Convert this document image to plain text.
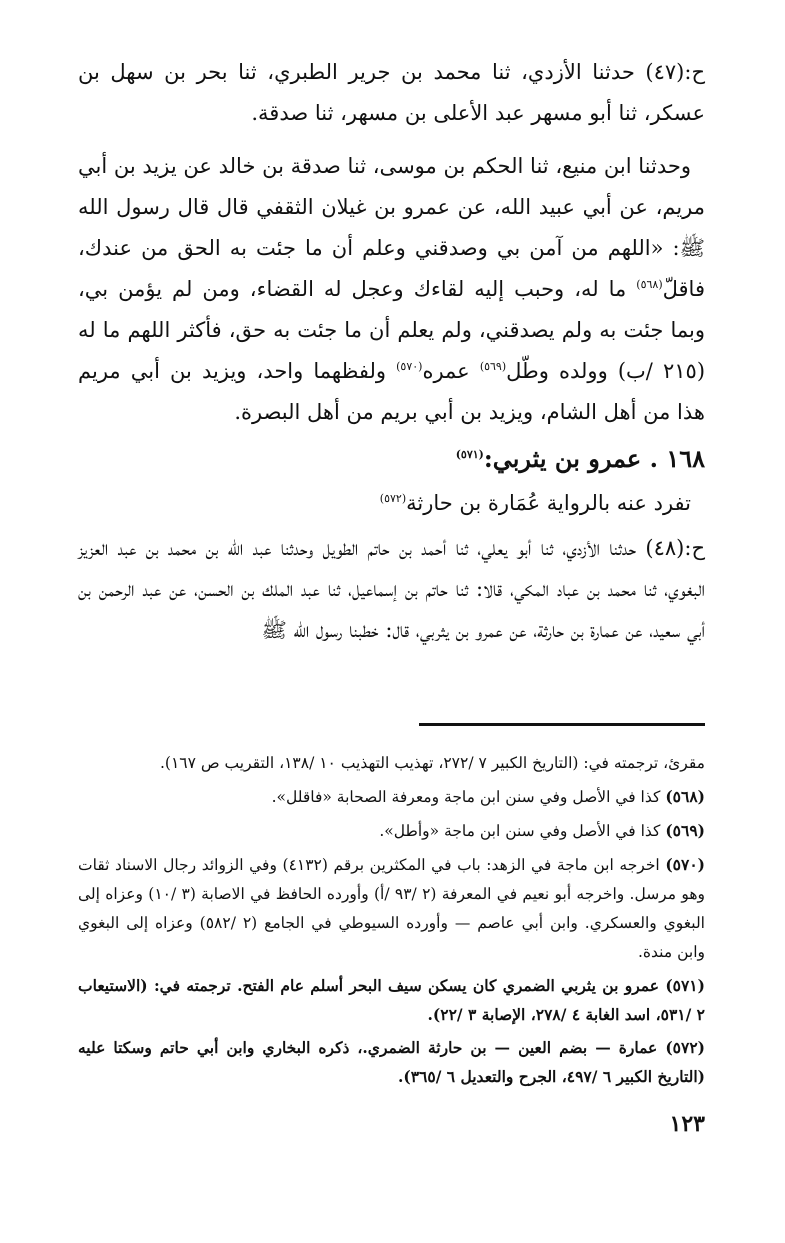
ح:(٤٧) حدثنا الأزدي، ثنا محمد بن جرير الطبري، ثنا بحر بن سهل بن عسكر، ثنا أبو مسهر عبد الأعلى بن مسهر، ثنا صدقة.

وحدثنا ابن منيع، ثنا الحكم بن موسى، ثنا صدقة بن خالد عن يزيد بن أبي مريم، عن أبي عبيد الله، عن عمرو بن غيلان الثقفي قال قال رسول الله ﷺ: «اللهم من آمن بي وصدقني وعلم أن ما جئت به الحق من عندك، فاقلّ$^{(٥٦٨)}$ ما له، وحبب إليه لقاءك وعجل له القضاء، ومن لم يؤمن بي، وبما جئت به ولم يصدقني، ولم يعلم أن ما جئت به حق، فأكثر اللهم ما له (٢١٥ /ب) وولده وطّل$^{(٥٦٩)}$ عمره$^{(٥٧٠)}$ ولفظهما واحد، ويزيد بن أبي مريم هذا من أهل الشام، ويزيد بن أبي بريم من أهل البصرة.

١٦٨ . عمرو بن يثربي:$^{(٥٧١)}$

تفرد عنه بالرواية عُمَارة بن حارثة$^{(٥٧٢)}$

ح:(٤٨) حدثنا الأزدي، ثنا أبو يعلي، ثنا أحمد بن حاتم الطويل وحدثنا عبد الله بن محمد بن عبد العزيز البغوي، ثنا محمد بن عباد المكي، قالا: ثنا حاتم بن إسماعيل، ثنا عبد الملك بن الحسن، عن عبد الرحمن بن أبي سعيد، عن عمارة بن حارثة، عن عمرو بن يثربي، قال: خطبنا رسول الله ﷺ

مقرئ، ترجمته في: (التاريخ الكبير ٧ /٢٧٢، تهذيب التهذيب ١٠ /١٣٨، التقريب ص ١٦٧).
(٥٦٨) كذا في الأصل وفي سنن ابن ماجة ومعرفة الصحابة «فاقلل».
(٥٦٩) كذا في الأصل وفي سنن ابن ماجة «وأطل».
(٥٧٠) اخرجه ابن ماجة في الزهد: باب في المكثرين برقم (٤١٣٢) وفي الزوائد رجال الاسناد ثقات وهو مرسل. واخرجه أبو نعيم في المعرفة (٢ /٩٣ /أ) وأورده الحافظ في الاصابة (٣ /١٠) وعزاه إلى البغوي والعسكري. وابن أبي عاصم — وأورده السيوطي في الجامع (٢ /٥٨٢) وعزاه إلى البغوي وابن مندة.
(٥٧١) عمرو بن يثربي الضمري كان يسكن سيف البحر أسلم عام الفتح. ترجمته في: (الاستيعاب ٢ /٥٣١، اسد الغابة ٤ /٢٧٨، الإصابة ٣ /٢٢).
(٥٧٢) عمارة — بضم العين — بن حارثة الضمري.، ذكره البخاري وابن أبي حاتم وسكتا عليه (التاريخ الكبير ٦ /٤٩٧، الجرح والتعديل ٦ /٣٦٥).
١٢٣
